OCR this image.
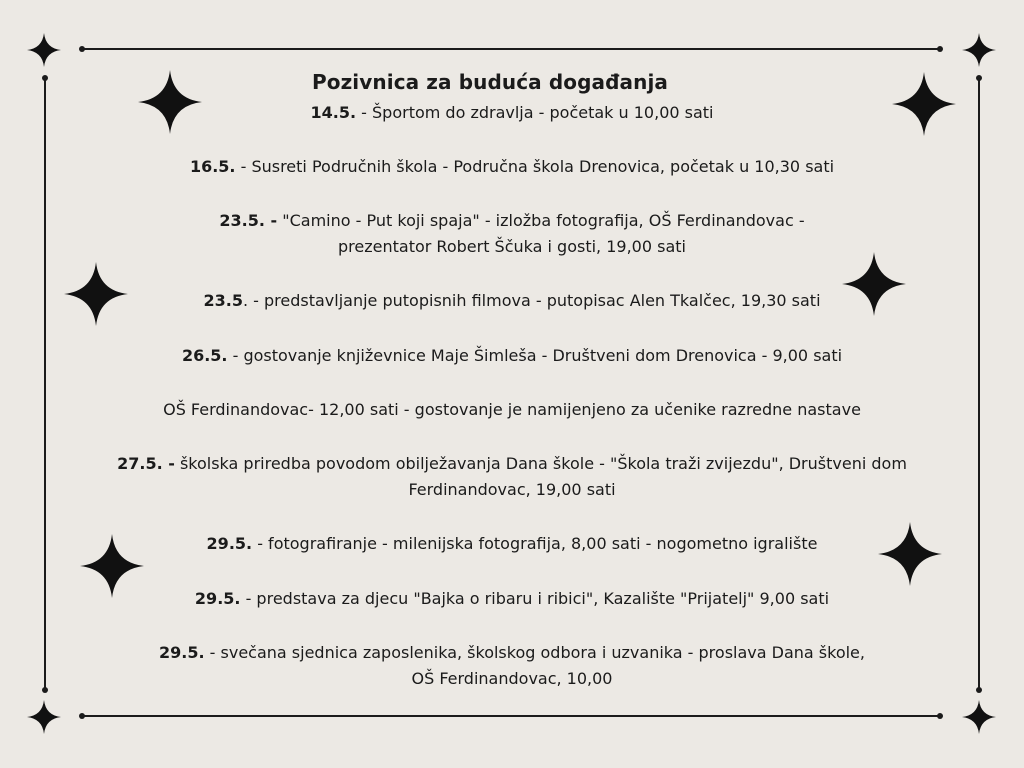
Pozivnica za buduća događanja

14.5. - Športom do zdravlja - početak u 10,00 sati

16.5. - Susreti Područnih škola - Područna škola Drenovica, početak u 10,30 sati

23.5. - "Camino - Put koji spaja" - izložba fotografija, OŠ Ferdinandovac -
prezentator Robert Ščuka i gosti, 19,00 sati

23.5. - predstavljanje putopisnih filmova - putopisac Alen Tkalčec, 19,30 sati

26.5. - gostovanje književnice Maje Šimleša - Društveni dom Drenovica - 9,00 sati

OŠ Ferdinandovac- 12,00 sati - gostovanje je namijenjeno za učenike razredne nastave

27.5. - školska priredba povodom obilježavanja Dana škole - "Škola traži zvijezdu", Društveni dom
Ferdinandovac, 19,00 sati

29.5. - fotografiranje - milenijska fotografija, 8,00 sati - nogometno igralište

29.5. - predstava za djecu "Bajka o ribaru i ribici", Kazalište "Prijatelj" 9,00 sati

29.5. - svečana sjednica zaposlenika, školskog odbora i uzvanika - proslava Dana škole,
OŠ Ferdinandovac, 10,00
